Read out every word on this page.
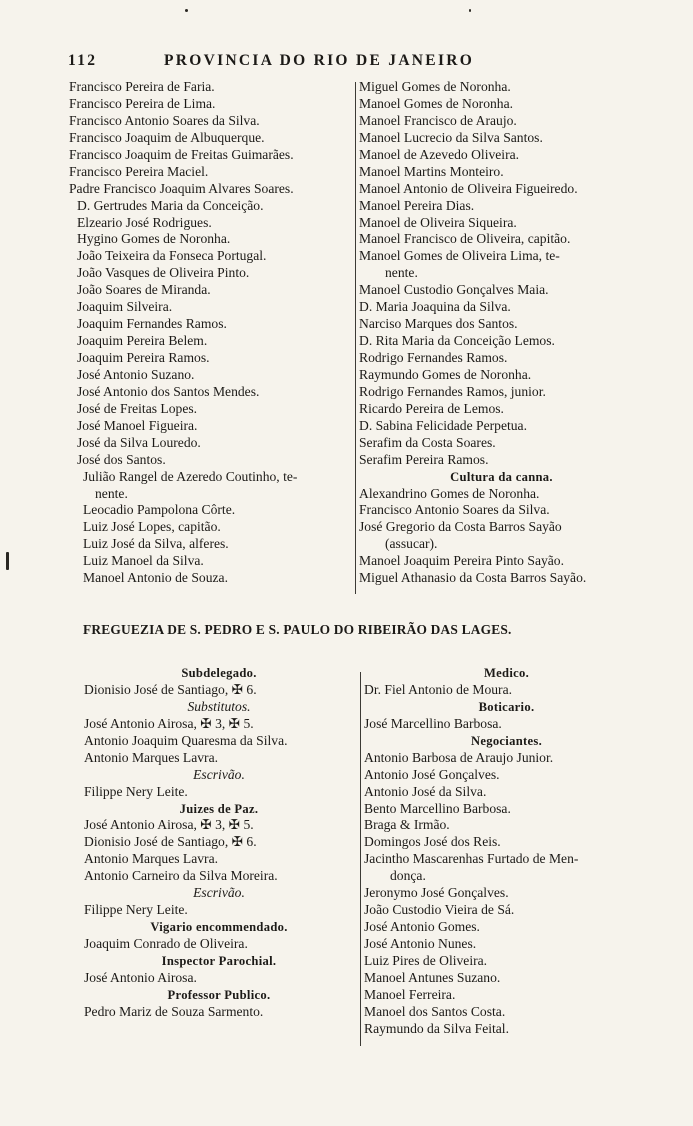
112	PROVINCIA DO RIO DE JANEIRO
Francisco Pereira de Faria.
Francisco Pereira de Lima.
Francisco Antonio Soares da Silva.
Francisco Joaquim de Albuquerque.
Francisco Joaquim de Freitas Guimarães.
Francisco Pereira Maciel.
Padre Francisco Joaquim Alvares Soares.
D. Gertrudes Maria da Conceição.
Elzeario José Rodrigues.
Hygino Gomes de Noronha.
João Teixeira da Fonseca Portugal.
João Vasques de Oliveira Pinto.
João Soares de Miranda.
Joaquim Silveira.
Joaquim Fernandes Ramos.
Joaquim Pereira Belem.
Joaquim Pereira Ramos.
José Antonio Suzano.
José Antonio dos Santos Mendes.
José de Freitas Lopes.
José Manoel Figueira.
José da Silva Louredo.
José dos Santos.
Julião Rangel de Azeredo Coutinho, te-
nente.
Leocadio Pampolona Côrte.
Luiz José Lopes, capitão.
Luiz José da Silva, alferes.
Luiz Manoel da Silva.
Manoel Antonio de Souza.
Miguel Gomes de Noronha.
Manoel Gomes de Noronha.
Manoel Francisco de Araujo.
Manoel Lucrecio da Silva Santos.
Manoel de Azevedo Oliveira.
Manoel Martins Monteiro.
Manoel Antonio de Oliveira Figueiredo.
Manoel Pereira Dias.
Manoel de Oliveira Siqueira.
Manoel Francisco de Oliveira, capitão.
Manoel Gomes de Oliveira Lima, te-
nente.
Manoel Custodio Gonçalves Maia.
D. Maria Joaquina da Silva.
Narciso Marques dos Santos.
D. Rita Maria da Conceição Lemos.
Rodrigo Fernandes Ramos.
Raymundo Gomes de Noronha.
Rodrigo Fernandes Ramos, junior.
Ricardo Pereira de Lemos.
D. Sabina Felicidade Perpetua.
Serafim da Costa Soares.
Serafim Pereira Ramos.
Cultura da canna.
Alexandrino Gomes de Noronha.
Francisco Antonio Soares da Silva.
José Gregorio da Costa Barros Sayão
(assucar).
Manoel Joaquim Pereira Pinto Sayão.
Miguel Athanasio da Costa Barros Sayão.
FREGUEZIA DE S. PEDRO E S. PAULO DO RIBEIRÃO DAS LAGES.
Subdelegado.
Dionisio José de Santiago, ✠ 6.
Substitutos.
José Antonio Airosa, ✠ 3, ✠ 5.
Antonio Joaquim Quaresma da Silva.
Antonio Marques Lavra.
Escrivão.
Filippe Nery Leite.
Juizes de Paz.
José Antonio Airosa, ✠ 3, ✠ 5.
Dionisio José de Santiago, ✠ 6.
Antonio Marques Lavra.
Antonio Carneiro da Silva Moreira.
Escrivão.
Filippe Nery Leite.
Vigario encommendado.
Joaquim Conrado de Oliveira.
Inspector Parochial.
José Antonio Airosa.
Professor Publico.
Pedro Mariz de Souza Sarmento.
Medico.
Dr. Fiel Antonio de Moura.
Boticario.
José Marcellino Barbosa.
Negociantes.
Antonio Barbosa de Araujo Junior.
Antonio José Gonçalves.
Antonio José da Silva.
Bento Marcellino Barbosa.
Braga & Irmão.
Domingos José dos Reis.
Jacintho Mascarenhas Furtado de Men-
donça.
Jeronymo José Gonçalves.
João Custodio Vieira de Sá.
José Antonio Gomes.
José Antonio Nunes.
Luiz Pires de Oliveira.
Manoel Antunes Suzano.
Manoel Ferreira.
Manoel dos Santos Costa.
Raymundo da Silva Feital.
